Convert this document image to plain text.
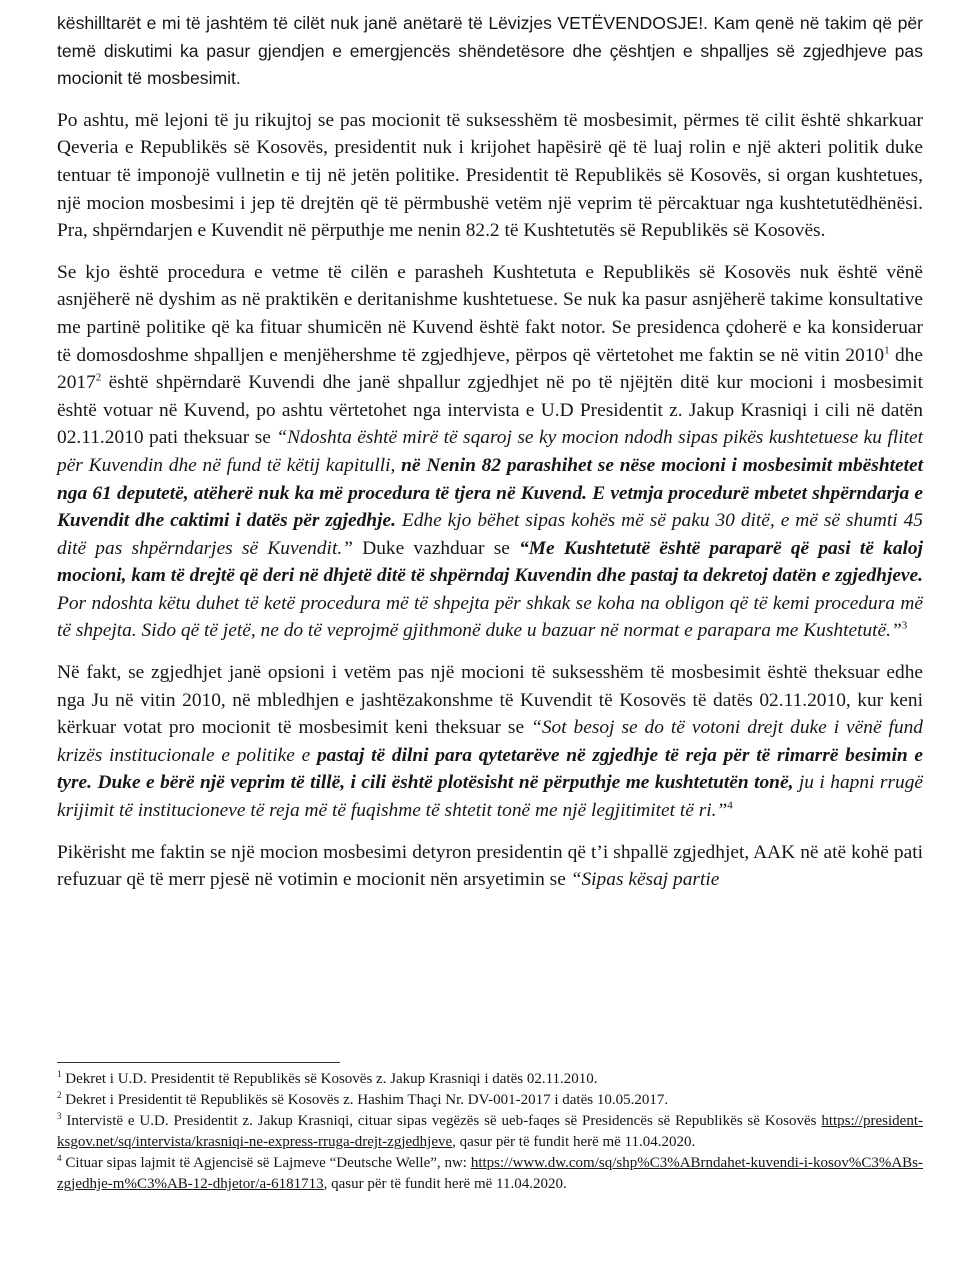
këshilltarët e mi të jashtëm të cilët nuk janë anëtarë të Lëvizjes VETËVENDOSJE!. Kam qenë në takim që për temë diskutimi ka pasur gjendjen e emergjencës shëndetësore dhe çështjen e shpalljes së zgjedhjeve pas mocionit të mosbesimit.

Po ashtu, më lejoni të ju rikujtoj se pas mocionit të suksesshëm të mosbesimit, përmes të cilit është shkarkuar Qeveria e Republikës së Kosovës, presidentit nuk i krijohet hapësirë që të luaj rolin e një akteri politik duke tentuar të imponojë vullnetin e tij në jetën politike. Presidentit të Republikës së Kosovës, si organ kushtetues, një mocion mosbesimi i jep të drejtën që të përmbushë vetëm një veprim të përcaktuar nga kushtetutëdhënësi. Pra, shpërndarjen e Kuvendit në përputhje me nenin 82.2 të Kushtetutës së Republikës së Kosovës.

Se kjo është procedura e vetme të cilën e parasheh Kushtetuta e Republikës së Kosovës nuk është vënë asnjëherë në dyshim as në praktikën e deritanishme kushtetuese. Se nuk ka pasur asnjëherë takime konsultative me partinë politike që ka fituar shumicën në Kuvend është fakt notor. Se presidenca çdoherë e ka konsideruar të domosdoshme shpalljen e menjëhershme të zgjedhjeve, përpos që vërtetohet me faktin se në vitin 2010$^1$ dhe 2017$^2$ është shpërndarë Kuvendi dhe janë shpallur zgjedhjet në po të njëjtën ditë kur mocioni i mosbesimit është votuar në Kuvend, po ashtu vërtetohet nga intervista e U.D Presidentit z. Jakup Krasniqi i cili në datën 02.11.2010 pati theksuar se “Ndoshta është mirë të sqaroj se ky mocion ndodh sipas pikës kushtetuese ku flitet për Kuvendin dhe në fund të këtij kapitulli, në Nenin 82 parashihet se nëse mocioni i mosbesimit mbështetet nga 61 deputetë, atëherë nuk ka më procedura të tjera në Kuvend. E vetmja procedurë mbetet shpërndarja e Kuvendit dhe caktimi i datës për zgjedhje. Edhe kjo bëhet sipas kohës më së paku 30 ditë, e më së shumti 45 ditë pas shpërndarjes së Kuvendit.” Duke vazhduar se “Me Kushtetutë është paraparë që pasi të kaloj mocioni, kam të drejtë që deri në dhjetë ditë të shpërndaj Kuvendin dhe pastaj ta dekretoj datën e zgjedhjeve. Por ndoshta këtu duhet të ketë procedura më të shpejta për shkak se koha na obligon që të kemi procedura më të shpejta. Sido që të jetë, ne do të veprojmë gjithmonë duke u bazuar në normat e parapara me Kushtetutë.”$^3$

Në fakt, se zgjedhjet janë opsioni i vetëm pas një mocioni të suksesshëm të mosbesimit është theksuar edhe nga Ju në vitin 2010, në mbledhjen e jashtëzakonshme të Kuvendit të Kosovës të datës 02.11.2010, kur keni kërkuar votat pro mocionit të mosbesimit keni theksuar se “Sot besoj se do të votoni drejt duke i vënë fund krizës institucionale e politike e pastaj të dilni para qytetarëve në zgjedhje të reja për të rimarrë besimin e tyre. Duke e bërë një veprim të tillë, i cili është plotësisht në përputhje me kushtetutën tonë, ju i hapni rrugë krijimit të institucioneve të reja më të fuqishme të shtetit tonë me një legjitimitet të ri.”$^4$

Pikërisht me faktin se një mocion mosbesimi detyron presidentin që t’i shpallë zgjedhjet, AAK në atë kohë pati refuzuar që të merr pjesë në votimin e mocionit nën arsyetimin se “Sipas kësaj partie

$^1$ Dekret i U.D. Presidentit të Republikës së Kosovës z. Jakup Krasniqi i datës 02.11.2010.

$^2$ Dekret i Presidentit të Republikës së Kosovës z. Hashim Thaçi Nr. DV-001-2017 i datës 10.05.2017.

$^3$ Intervistë e U.D. Presidentit z. Jakup Krasniqi, cituar sipas vegëzës së ueb-faqes së Presidencës së Republikës së Kosovës https://president-ksgov.net/sq/intervista/krasniqi-ne-express-rruga-drejt-zgjedhjeve, qasur për të fundit herë më 11.04.2020.

$^4$ Cituar sipas lajmit të Agjencisë së Lajmeve “Deutsche Welle”, nw: https://www.dw.com/sq/shp%C3%ABrndahet-kuvendi-i-kosov%C3%ABs-zgjedhje-m%C3%AB-12-dhjetor/a-6181713, qasur për të fundit herë më 11.04.2020.
